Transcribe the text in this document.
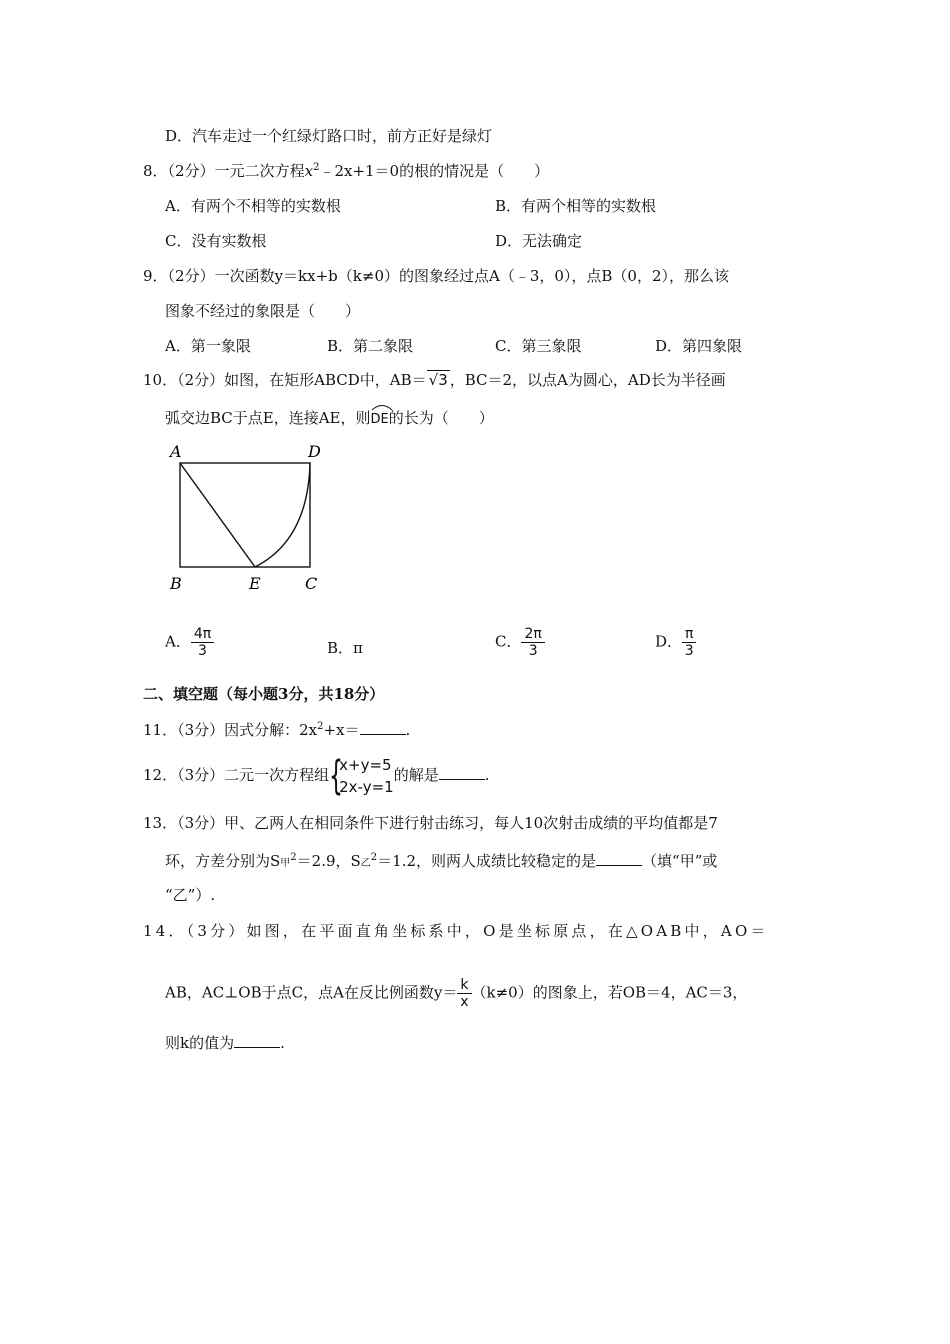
D．汽车走过一个红绿灯路口时，前方正好是绿灯
8．（2分）一元二次方程$x^2﹣2x+1=0$的根的情况是（　　）
A．有两个不相等的实数根	B．有两个相等的实数根
C．没有实数根	D．无法确定
9．（2分）一次函数y＝kx+b（k≠0）的图象经过点A（﹣3，0），点B（0，2），那么该
图象不经过的象限是（　　）
A．第一象限	B．第二象限	C．第三象限	D．第四象限
10．（2分）如图，在矩形ABCD中，AB＝ √3 ，BC＝2，以点A为圆心，AD长为半径画
弧交边BC于点E，连接AE，则
DE的长为（　　）
A	D
B	E	C
A． $\frac{4\pi}{3}$	B．π	C． $\frac{2\pi}{3}$	D． $\frac{\pi}{3}$
二、填空题（每小题3分，共18分）
11．（3分）因式分解：$2x^2+x=$	.
12．（3分）二元一次方程组 {
x+y=5
2x-y=1
的解是	.
13．（3分）甲、乙两人在相同条件下进行射击练习，每人10次射击成绩的平均值都是7
环，方差分别为S甲$^2$＝2.9，S乙$^2$＝1.2，则两人成绩比较稳定的是	（填“甲”或
“乙”）.
14．（3分）如图，在平面直角坐标系中，O是坐标原点，在△OAB中，AO＝
AB，AC⊥OB于点C，点A在反比例函数$y= \frac{k}{x} (k\ne 0)$的图象上，若OB＝4，AC＝3，
则k的值为	.
